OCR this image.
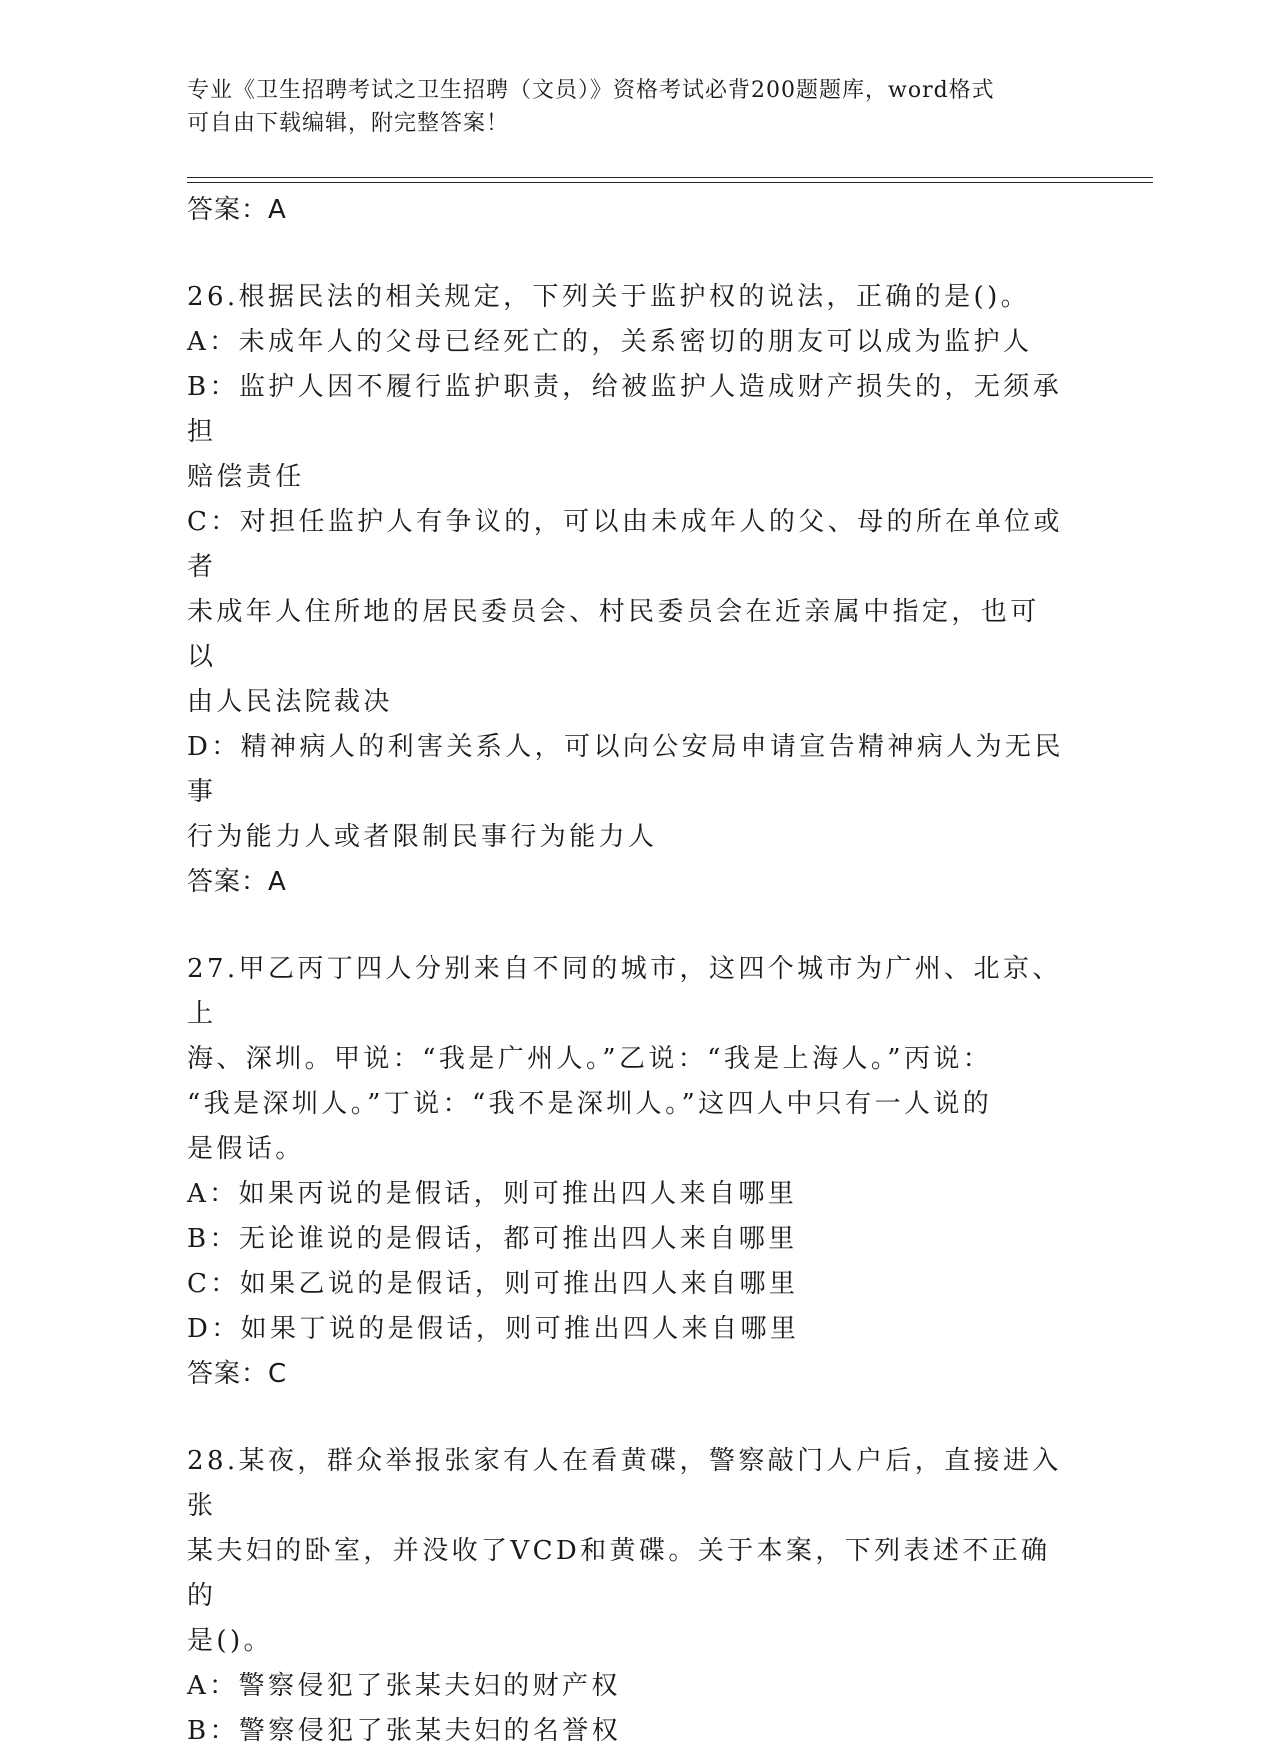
专业《卫生招聘考试之卫生招聘（文员）》资格考试必背200题题库，word格式
可自由下载编辑，附完整答案！
答案：A
26.根据民法的相关规定，下列关于监护权的说法，正确的是()。
A：未成年人的父母已经死亡的，关系密切的朋友可以成为监护人
B：监护人因不履行监护职责，给被监护人造成财产损失的，无须承担
赔偿责任
C：对担任监护人有争议的，可以由未成年人的父、母的所在单位或者
未成年人住所地的居民委员会、村民委员会在近亲属中指定，也可以
由人民法院裁决
D：精神病人的利害关系人，可以向公安局申请宣告精神病人为无民事
行为能力人或者限制民事行为能力人
答案：A
27.甲乙丙丁四人分别来自不同的城市，这四个城市为广州、北京、上
海、深圳。甲说：“我是广州人。”乙说：“我是上海人。”丙说：
“我是深圳人。”丁说：“我不是深圳人。”这四人中只有一人说的
是假话。
A：如果丙说的是假话，则可推出四人来自哪里
B：无论谁说的是假话，都可推出四人来自哪里
C：如果乙说的是假话，则可推出四人来自哪里
D：如果丁说的是假话，则可推出四人来自哪里
答案：C
28.某夜，群众举报张家有人在看黄碟，警察敲门人户后，直接进入张
某夫妇的卧室，并没收了VCD和黄碟。关于本案，下列表述不正确的
是()。
A：警察侵犯了张某夫妇的财产权
B：警察侵犯了张某夫妇的名誉权
